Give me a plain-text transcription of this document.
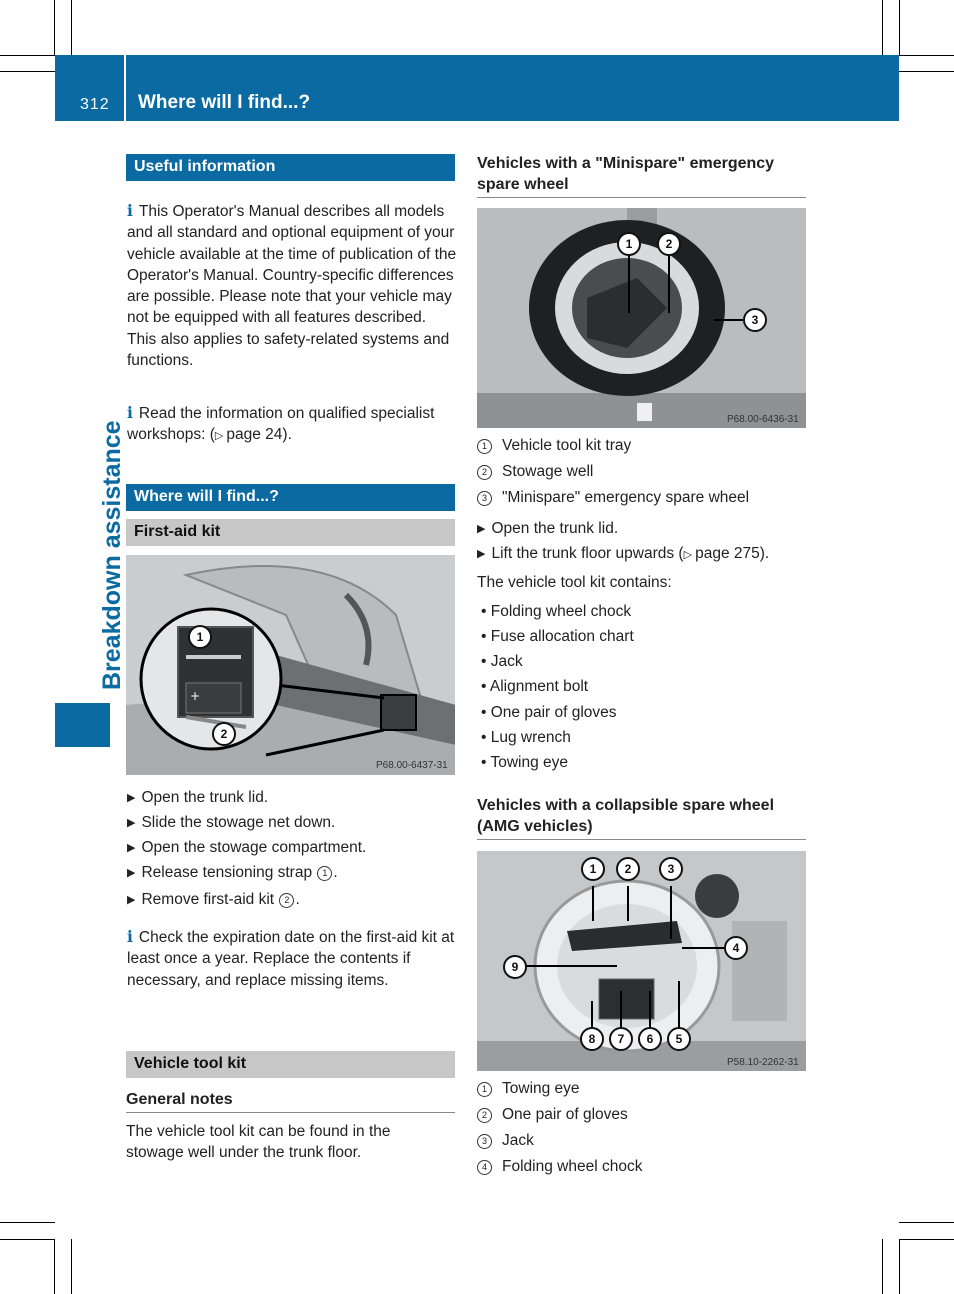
312 Where will I find...?
Breakdown assistance
Useful information
i This Operator's Manual describes all models and all standard and optional equipment of your vehicle available at the time of publication of the Operator's Manual. Country-specific differences are possible. Please note that your vehicle may not be equipped with all features described. This also applies to safety-related systems and functions.
i Read the information on qualified specialist workshops: (▷ page 24).
Where will I find...?
First-aid kit
+
1
2
P68.00-6437-31
▶ Open the trunk lid.
▶ Slide the stowage net down.
▶ Open the stowage compartment.
▶ Release tensioning strap 1 .
▶ Remove first-aid kit 2 .
i Check the expiration date on the first-aid kit at least once a year. Replace the contents if necessary, and replace missing items.
Vehicle tool kit
General notes
The vehicle tool kit can be found in the stowage well under the trunk floor.
Vehicles with a "Minispare" emergency spare wheel
1	2
3
P68.00-6436-31
1 Vehicle tool kit tray
2 Stowage well
3 "Minispare" emergency spare wheel
▶ Open the trunk lid.
▶ Lift the trunk floor upwards (▷ page 275).
The vehicle tool kit contains:
• Folding wheel chock
• Fuse allocation chart
• Jack
• Alignment bolt
• One pair of gloves
• Lug wrench
• Towing eye
Vehicles with a collapsible spare wheel (AMG vehicles)
1	2	3
4
9
8	7	6	5
P58.10-2262-31
1 Towing eye
2 One pair of gloves
3 Jack
4 Folding wheel chock
